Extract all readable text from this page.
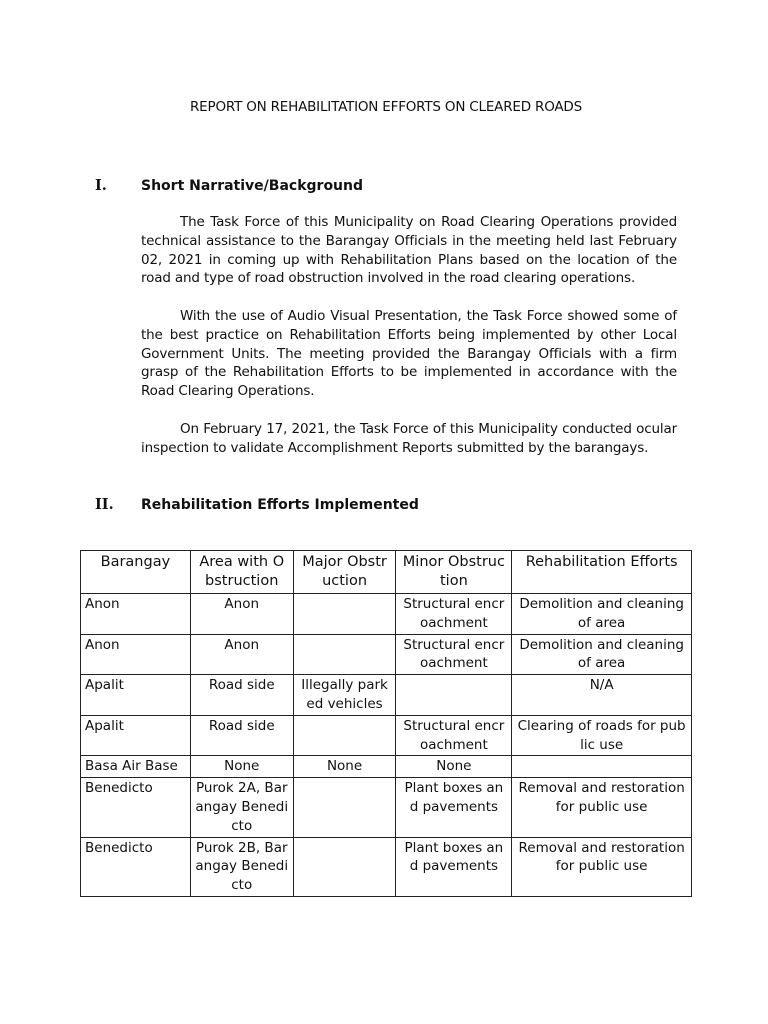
REPORT ON REHABILITATION EFFORTS ON CLEARED ROADS
I. Short Narrative/Background

The Task Force of this Municipality on Road Clearing Operations provided technical assistance to the Barangay Officials in the meeting held last February 02, 2021 in coming up with Rehabilitation Plans based on the location of the road and type of road obstruction involved in the road clearing operations.

With the use of Audio Visual Presentation, the Task Force showed some of the best practice on Rehabilitation Efforts being implemented by other Local Government Units. The meeting provided the Barangay Officials with a firm grasp of the Rehabilitation Efforts to be implemented in accordance with the Road Clearing Operations.

On February 17, 2021, the Task Force of this Municipality conducted ocular inspection to validate Accomplishment Reports submitted by the barangays.

II. Rehabilitation Efforts Implemented
Barangay	Area with Obstruction	Major Obstruction	Minor Obstruction	Rehabilitation Efforts
Anon	Anon		Structural encroachment	Demolition and cleaning of area
Anon	Anon		Structural encroachment	Demolition and cleaning of area
Apalit	Road side	Illegally parked vehicles		N/A
Apalit	Road side		Structural encroachment	Clearing of roads for public use
Basa Air Base	None	None	None	
Benedicto	Purok 2A, Barangay Benedicto		Plant boxes and pavements	Removal and restoration for public use
Benedicto	Purok 2B, Barangay Benedicto		Plant boxes and pavements	Removal and restoration for public use
